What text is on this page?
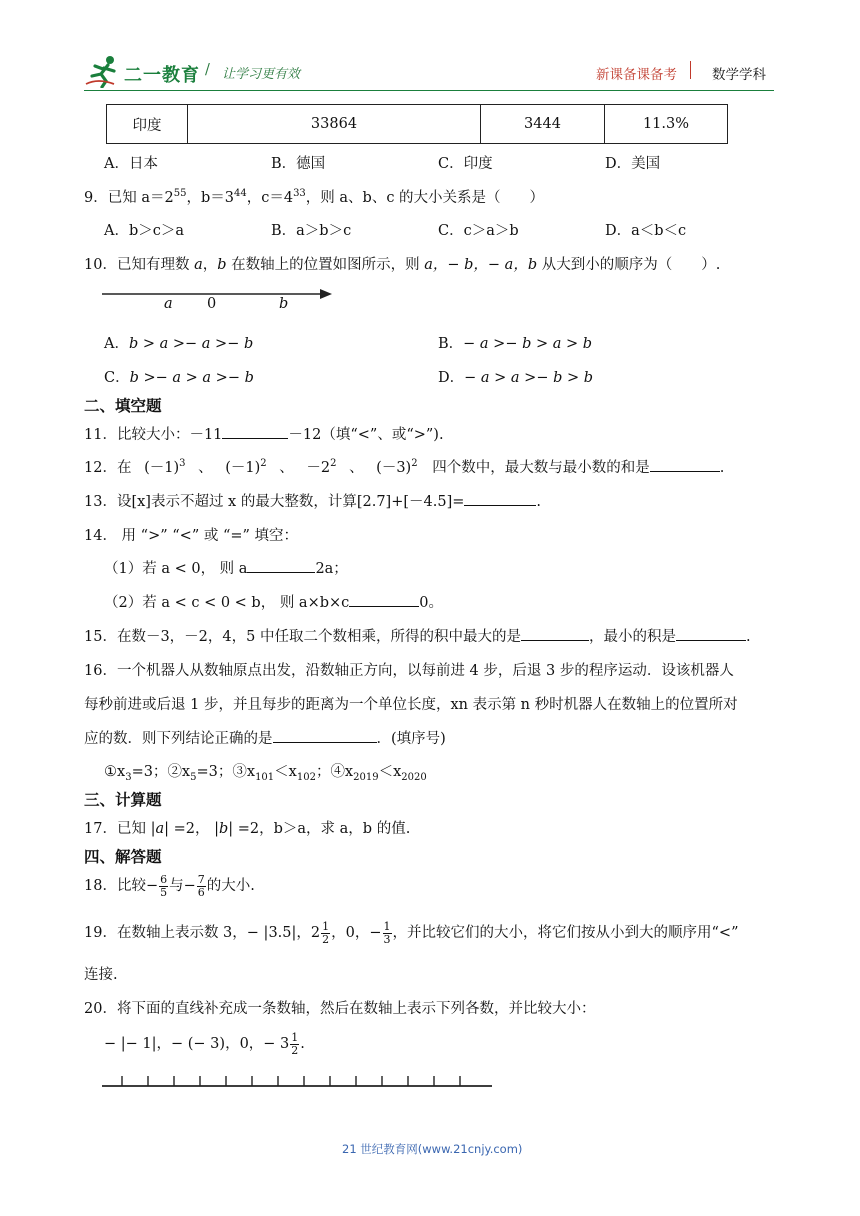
二一教育 / 让学习更有效	新课备课备考	数学学科
印度	33864	3444	11.3%
A．日本	B．德国	C．印度	D．美国
9．已知 $a=2^{55}$，$b=3^{44}$，$c=4^{33}$，则 a、b、c 的大小关系是（　　）
A．b＞c＞a	B．a＞b＞c	C．c＞a＞b	D．a＜b＜c
10．已知有理数 a，b 在数轴上的位置如图所示，则 a，− b，− a，b 从大到小的顺序为（　　）.
a 0	b
A．b > a >− a >− b	B．− a >− b > a > b
C．b >− a > a >− b	D．− a > a >− b > b
二、填空题
11．比较大小：－11	－12（填“<”、或“>”).
12．在 $(-1)^3$ 、 $(-1)^2$ 、 $-2^2$ 、 $(-3)^2$ 四个数中，最大数与最小数的和是	.
13．设[x]表示不超过 x 的最大整数，计算[2.7]+[－4.5]=	.
14． 用 “>” “<” 或 “=” 填空：
（1）若 a < 0， 则 a	2a；
（2）若 a < c < 0 < b， 则 a×b×c	0。
15．在数－3，－2，4，5 中任取二个数相乘，所得的积中最大的是	，最小的积是	.
16．一个机器人从数轴原点出发，沿数轴正方向，以每前进 4 步，后退 3 步的程序运动．设该机器人
每秒前进或后退 1 步，并且每步的距离为一个单位长度，xn 表示第 n 秒时机器人在数轴上的位置所对
应的数．则下列结论正确的是	．(填序号)
$①x_3=3$；$②x_5=3$；$③x_{101}<x_{102}$；$④x_{2019}<x_{2020}$
三、计算题
17．已知 |a| =2， |b| =2，b＞a，求 a，b 的值.
四、解答题
18．比较− $\frac{6}{5}$ 与− $\frac{7}{6}$ 的大小.
19．在数轴上表示数 3，− |3.5|，$2 \frac{1}{2}$ ，0，− $\frac{1}{3}$ ，并比较它们的大小，将它们按从小到大的顺序用“<”
连接.
20．将下面的直线补充成一条数轴，然后在数轴上表示下列各数，并比较大小：
− |− 1|，− (− 3)，0，− $3 \frac{1}{2}$ .
21 世纪教育网(www.21cnjy.com)
